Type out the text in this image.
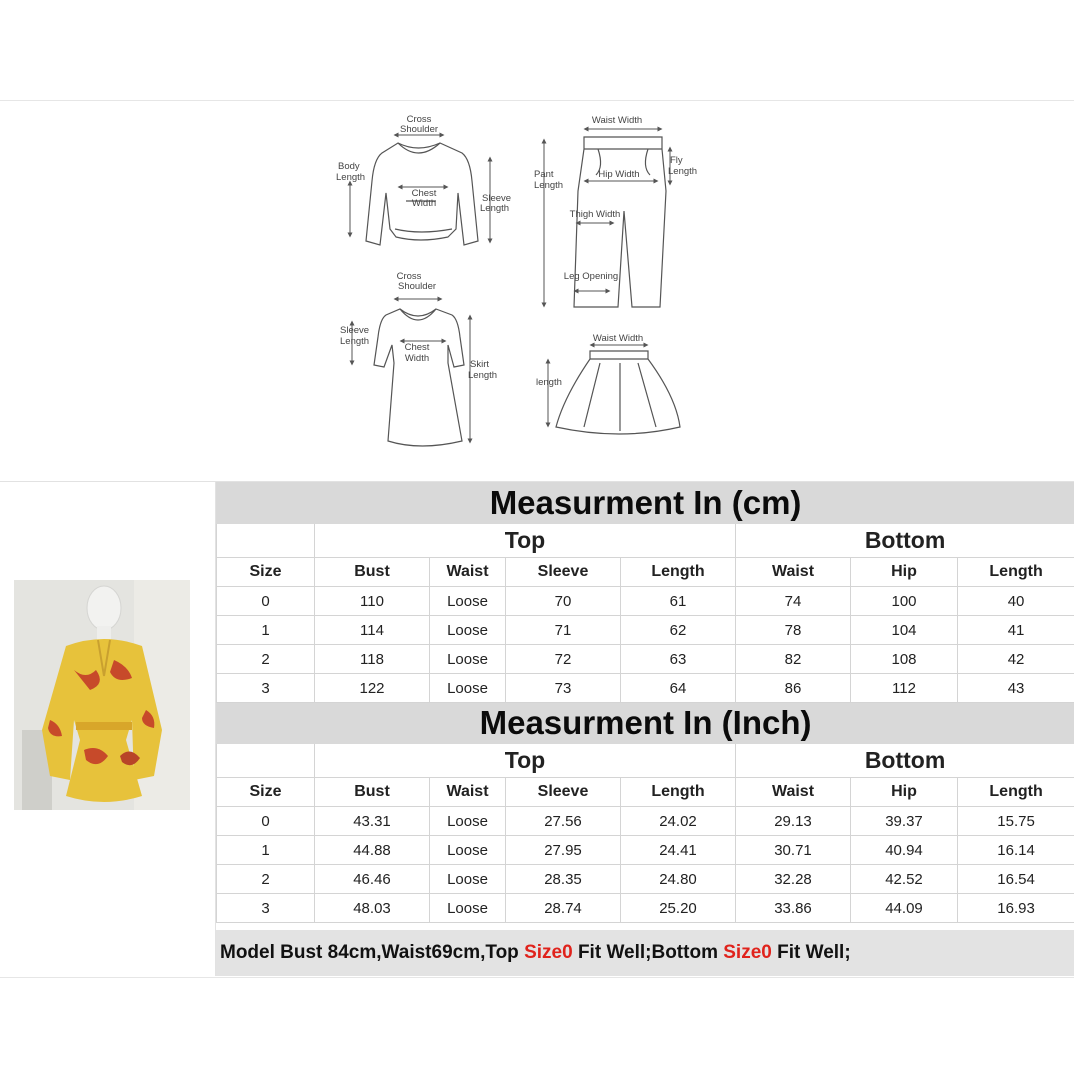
Cross
Shoulder
Body
Length
Chest
Width	Sleeve
Length
Waist Width
Pant
Length
Fly
Length
Hip Width
Thigh Width
Leg Opening
Cross
Shoulder
Sleeve
Length
Chest
Width
Skirt
Length
Waist Width
length
Measurment In (cm)							
	Top				Bottom		
Size	Bust	Waist	Sleeve	Length	Waist	Hip	Length
0	110	Loose	70	61	74	100	40
1	114	Loose	71	62	78	104	41
2	118	Loose	72	63	82	108	42
3	122	Loose	73	64	86	112	43
Measurment In (Inch)							
	Top				Bottom		
Size	Bust	Waist	Sleeve	Length	Waist	Hip	Length
0	43.31	Loose	27.56	24.02	29.13	39.37	15.75
1	44.88	Loose	27.95	24.41	30.71	40.94	16.14
2	46.46	Loose	28.35	24.80	32.28	42.52	16.54
3	48.03	Loose	28.74	25.20	33.86	44.09	16.93
Model Bust 84cm,Waist69cm,Top Size0 Fit Well;Bottom Size0 Fit Well;
